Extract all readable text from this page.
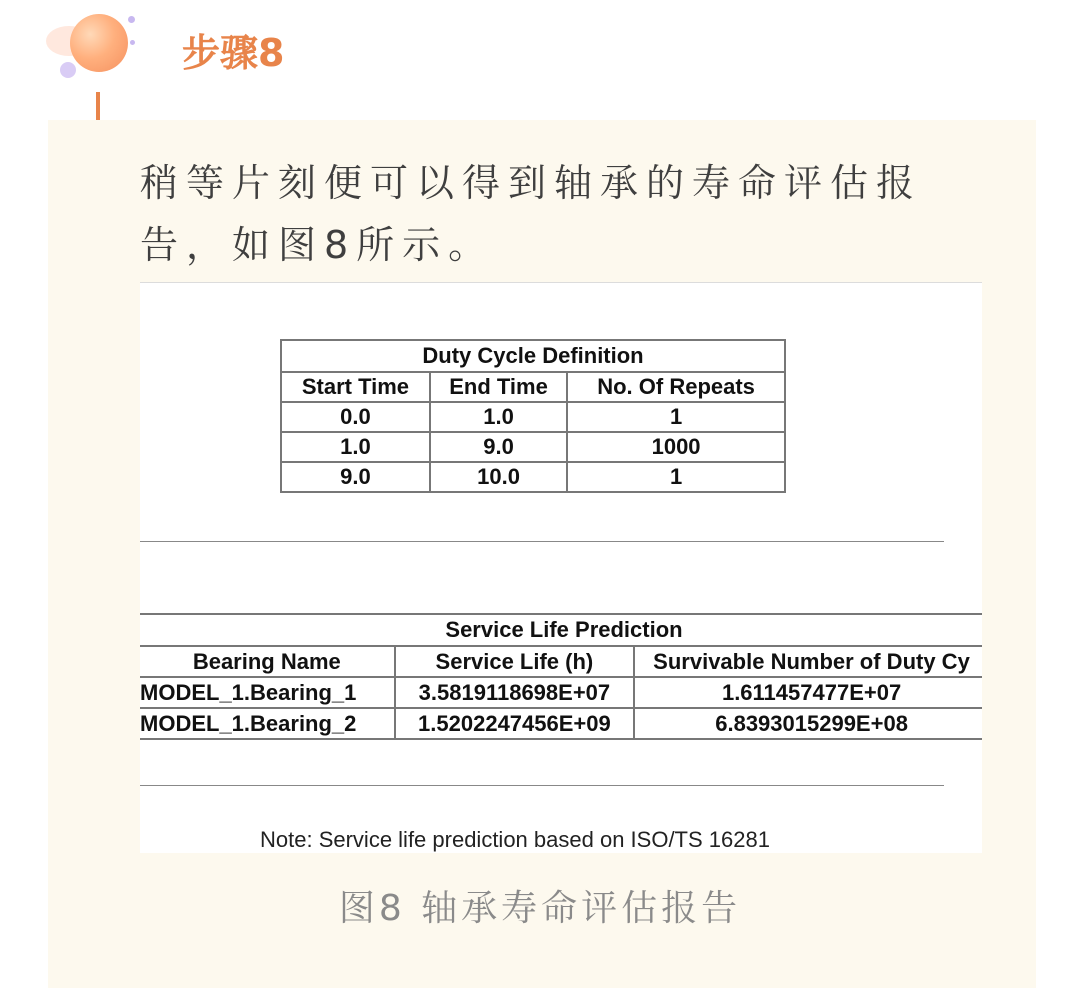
步骤8

稍等片刻便可以得到轴承的寿命评估报告，如图8所示。

Duty Cycle Definition		
Start Time	End Time	No. Of Repeats
0.0	1.0	1
1.0	9.0	1000
9.0	10.0	1
Service Life Prediction		
Bearing Name	Service Life (h)	Survivable Number of Duty Cy
MODEL_1.Bearing_1	3.5819118698E+07	1.611457477E+07
MODEL_1.Bearing_2	1.5202247456E+09	6.8393015299E+08

Note: Service life prediction based on ISO/TS 16281

图8 轴承寿命评估报告
